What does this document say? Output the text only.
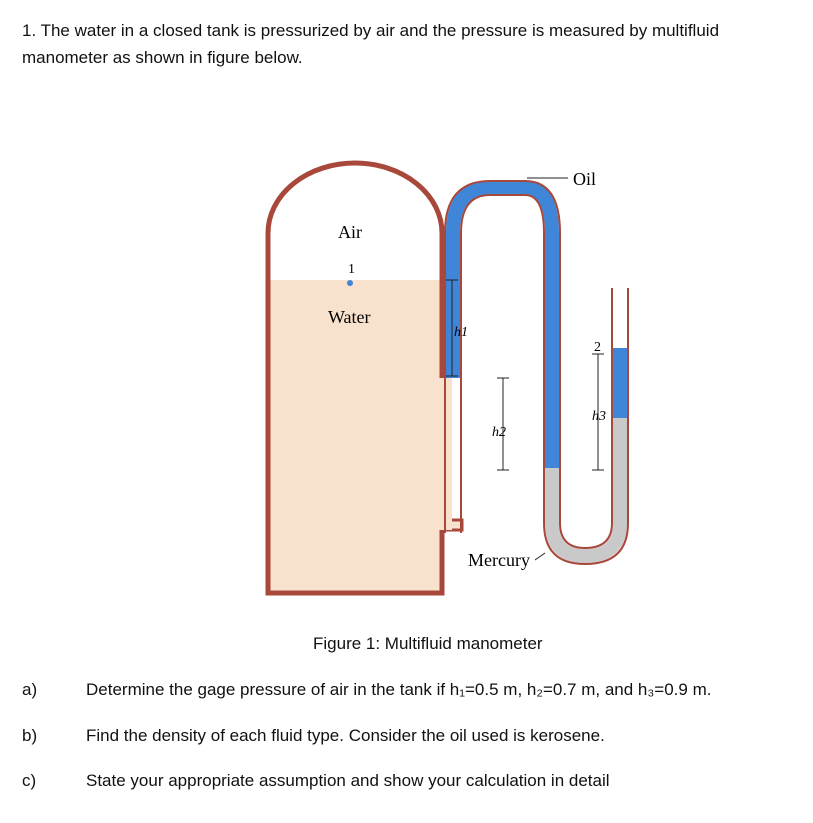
1. The water in a closed tank is pressurized by air and the pressure is measured by multifluid manometer as shown in figure below.
Air
1
Water
Oil
Mercury
h1
h2
h3
2
Figure 1: Multifluid manometer
a)	Determine the gage pressure of air in the tank if h₁=0.5 m, h₂=0.7 m, and h₃=0.9 m.
b)	Find the density of each fluid type. Consider the oil used is kerosene.
c)	State your appropriate assumption and show your calculation in detail
